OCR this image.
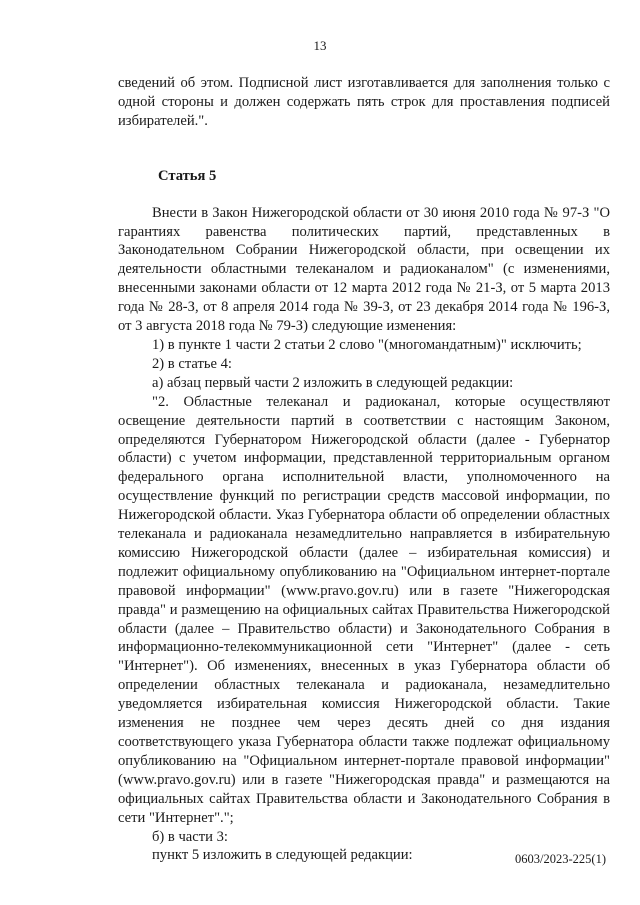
13

сведений об этом. Подписной лист изготавливается для заполнения только с одной стороны и должен содержать пять строк для проставления подписей избирателей.".

Статья 5

Внести в Закон Нижегородской области от 30 июня 2010 года № 97-З "О гарантиях равенства политических партий, представленных в Законодательном Собрании Нижегородской области, при освещении их деятельности областными телеканалом и радиоканалом" (с изменениями, внесенными законами области от 12 марта 2012 года № 21-З, от 5 марта 2013 года № 28-З, от 8 апреля 2014 года № 39-З, от 23 декабря 2014 года № 196-З, от 3 августа 2018 года № 79-З) следующие изменения:

1) в пункте 1 части 2 статьи 2 слово "(многомандатным)" исключить;

2) в статье 4:

а) абзац первый части 2 изложить в следующей редакции:

"2. Областные телеканал и радиоканал, которые осуществляют освещение деятельности партий в соответствии с настоящим Законом, определяются Губернатором Нижегородской области (далее - Губернатор области) с учетом информации, представленной территориальным органом федерального органа исполнительной власти, уполномоченного на осуществление функций по регистрации средств массовой информации, по Нижегородской области. Указ Губернатора области об определении областных телеканала и радиоканала незамедлительно направляется в избирательную комиссию Нижегородской области (далее – избирательная комиссия) и подлежит официальному опубликованию на "Официальном интернет-портале правовой информации" (www.pravo.gov.ru) или в газете "Нижегородская правда" и размещению на официальных сайтах Правительства Нижегородской области (далее – Правительство области) и Законодательного Собрания в информационно-телекоммуникационной сети "Интернет" (далее - сеть "Интернет"). Об изменениях, внесенных в указ Губернатора области об определении областных телеканала и радиоканала, незамедлительно уведомляется избирательная комиссия Нижегородской области. Такие изменения не позднее чем через десять дней со дня издания соответствующего указа Губернатора области также подлежат официальному опубликованию на "Официальном интернет-портале правовой информации" (www.pravo.gov.ru) или в газете "Нижегородская правда" и размещаются на официальных сайтах Правительства области и Законодательного Собрания в сети "Интернет".";

б) в части 3:

пункт 5 изложить в следующей редакции:	0603/2023-225(1)
